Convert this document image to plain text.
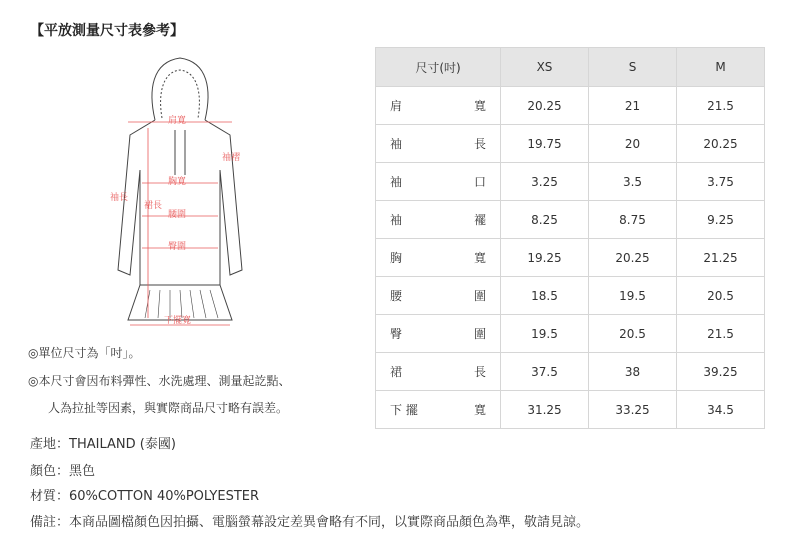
【平放測量尺寸表參考】
肩寬
袖褶
袖長
胸寬
裙長
腰圍
臀圍
下擺寬
◎單位尺寸為「吋」。
◎本尺寸會因布料彈性、水洗處理、測量起訖點、
人為拉扯等因素，與實際商品尺寸略有誤差。
尺寸(吋)	XS	S	M

肩 寬	20.25	21	21.5

袖 長	19.75	20	20.25

袖 口	3.25	3.5	3.75

袖 襬	8.25	8.75	9.25

胸 寬	19.25	20.25	21.25

腰 圍	18.5	19.5	20.5

臀 圍	19.5	20.5	21.5

裙 長	37.5	38	39.25

下 擺 寬	31.25	33.25	34.5
產地：THAILAND (泰國)
顏色：黑色
材質：60%COTTON 40%POLYESTER
備註：本商品圖檔顏色因拍攝、電腦螢幕設定差異會略有不同，以實際商品顏色為準，敬請見諒。
